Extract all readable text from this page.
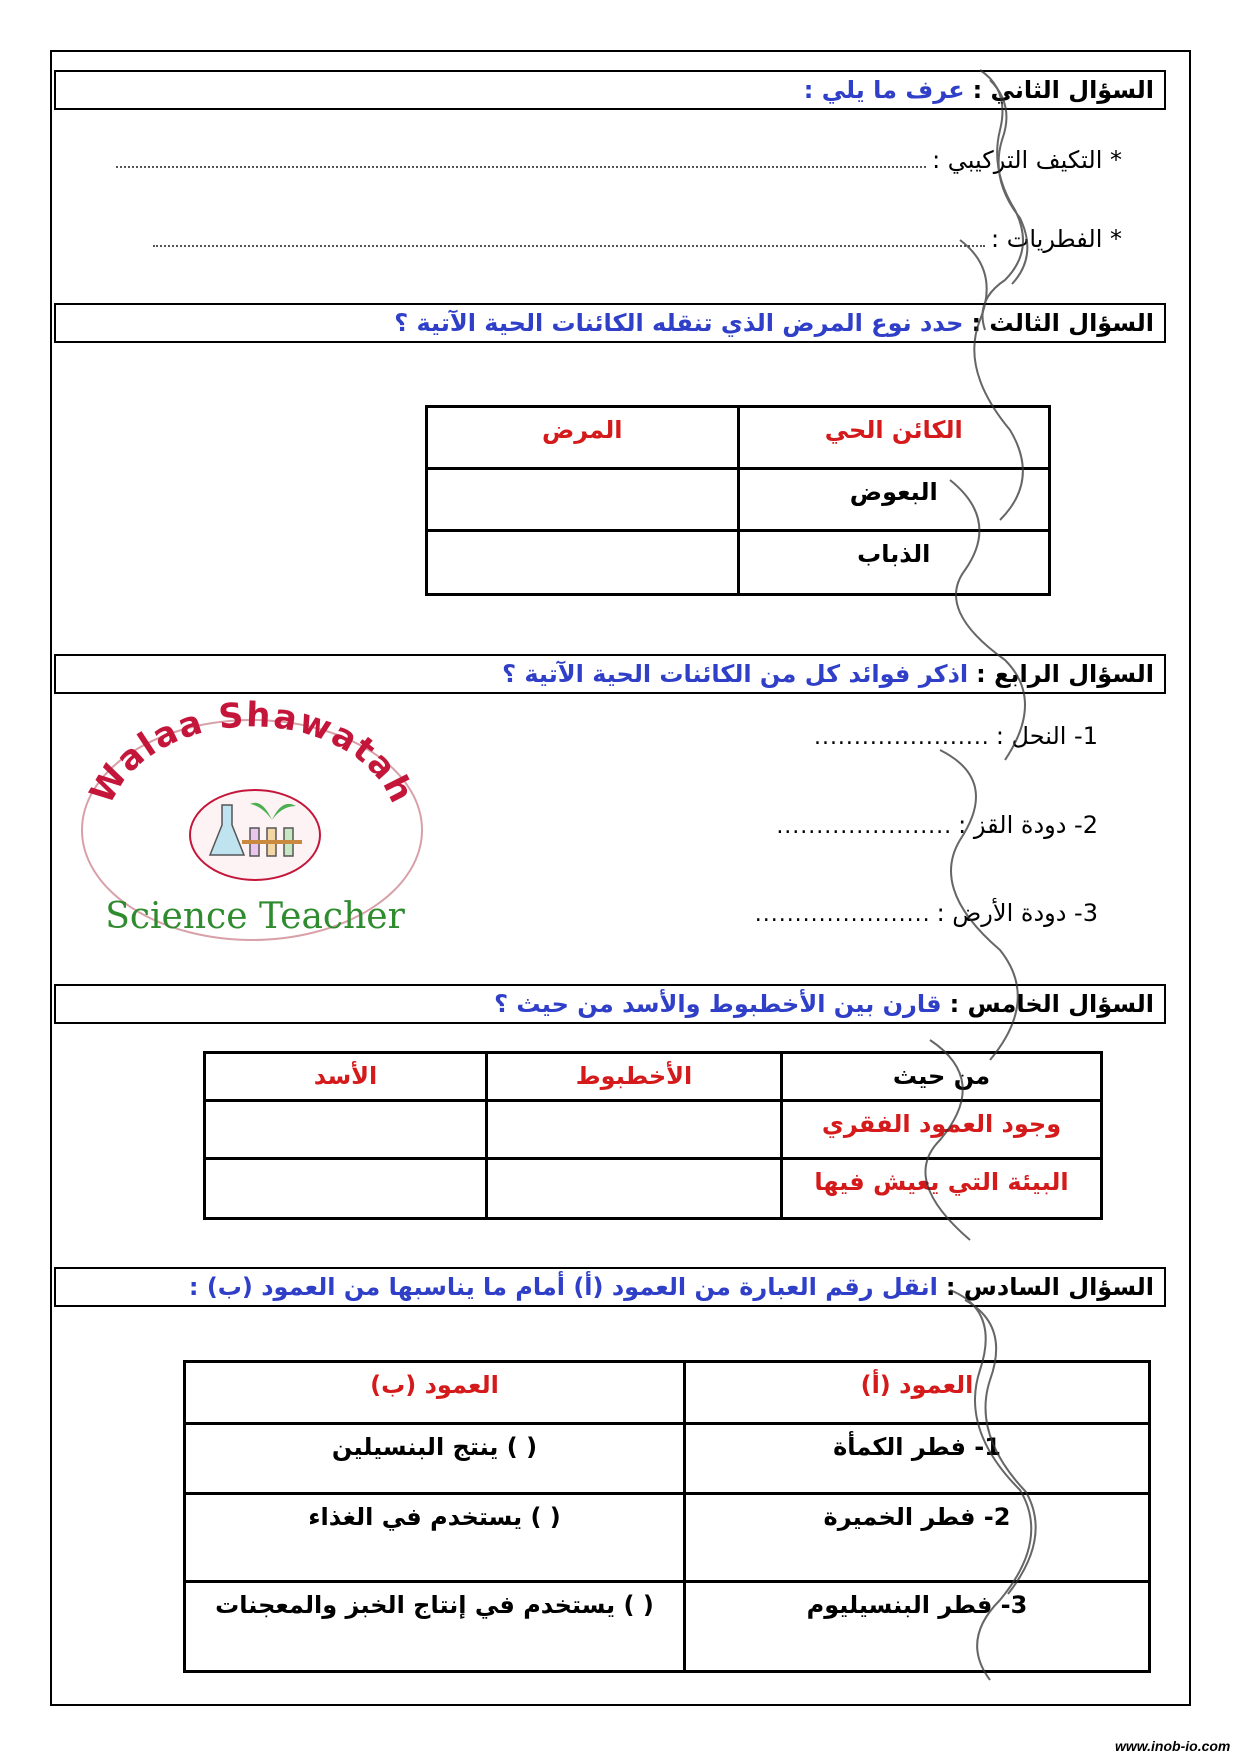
السؤال الثاني :
عرف ما يلي :
* التكيف التركيبي :
* الفطريات :
السؤال الثالث :
حدد نوع المرض الذي تنقله الكائنات الحية الآتية ؟
الكائن الحي	المرض
البعوض	
الذباب	
السؤال الرابع :
اذكر فوائد كل من الكائنات الحية الآتية ؟
1- النحل :
......................
2- دودة القز :
......................
3- دودة الأرض :
......................
Walaa Shawatah
Science Teacher
السؤال الخامس :
قارن بين الأخطبوط والأسد من حيث ؟
من حيث	الأخطبوط	الأسد
وجود العمود الفقري		
البيئة التي يعيش فيها		
السؤال السادس :
انقل رقم العبارة من العمود (أ) أمام ما يناسبها من العمود (ب) :
العمود (أ)	العمود (ب)
1- فطر الكمأة	( ) ينتج البنسيلين
2- فطر الخميرة	( ) يستخدم في الغذاء
3- فطر البنسيليوم	( ) يستخدم في إنتاج الخبز والمعجنات
www.inob-io.com
